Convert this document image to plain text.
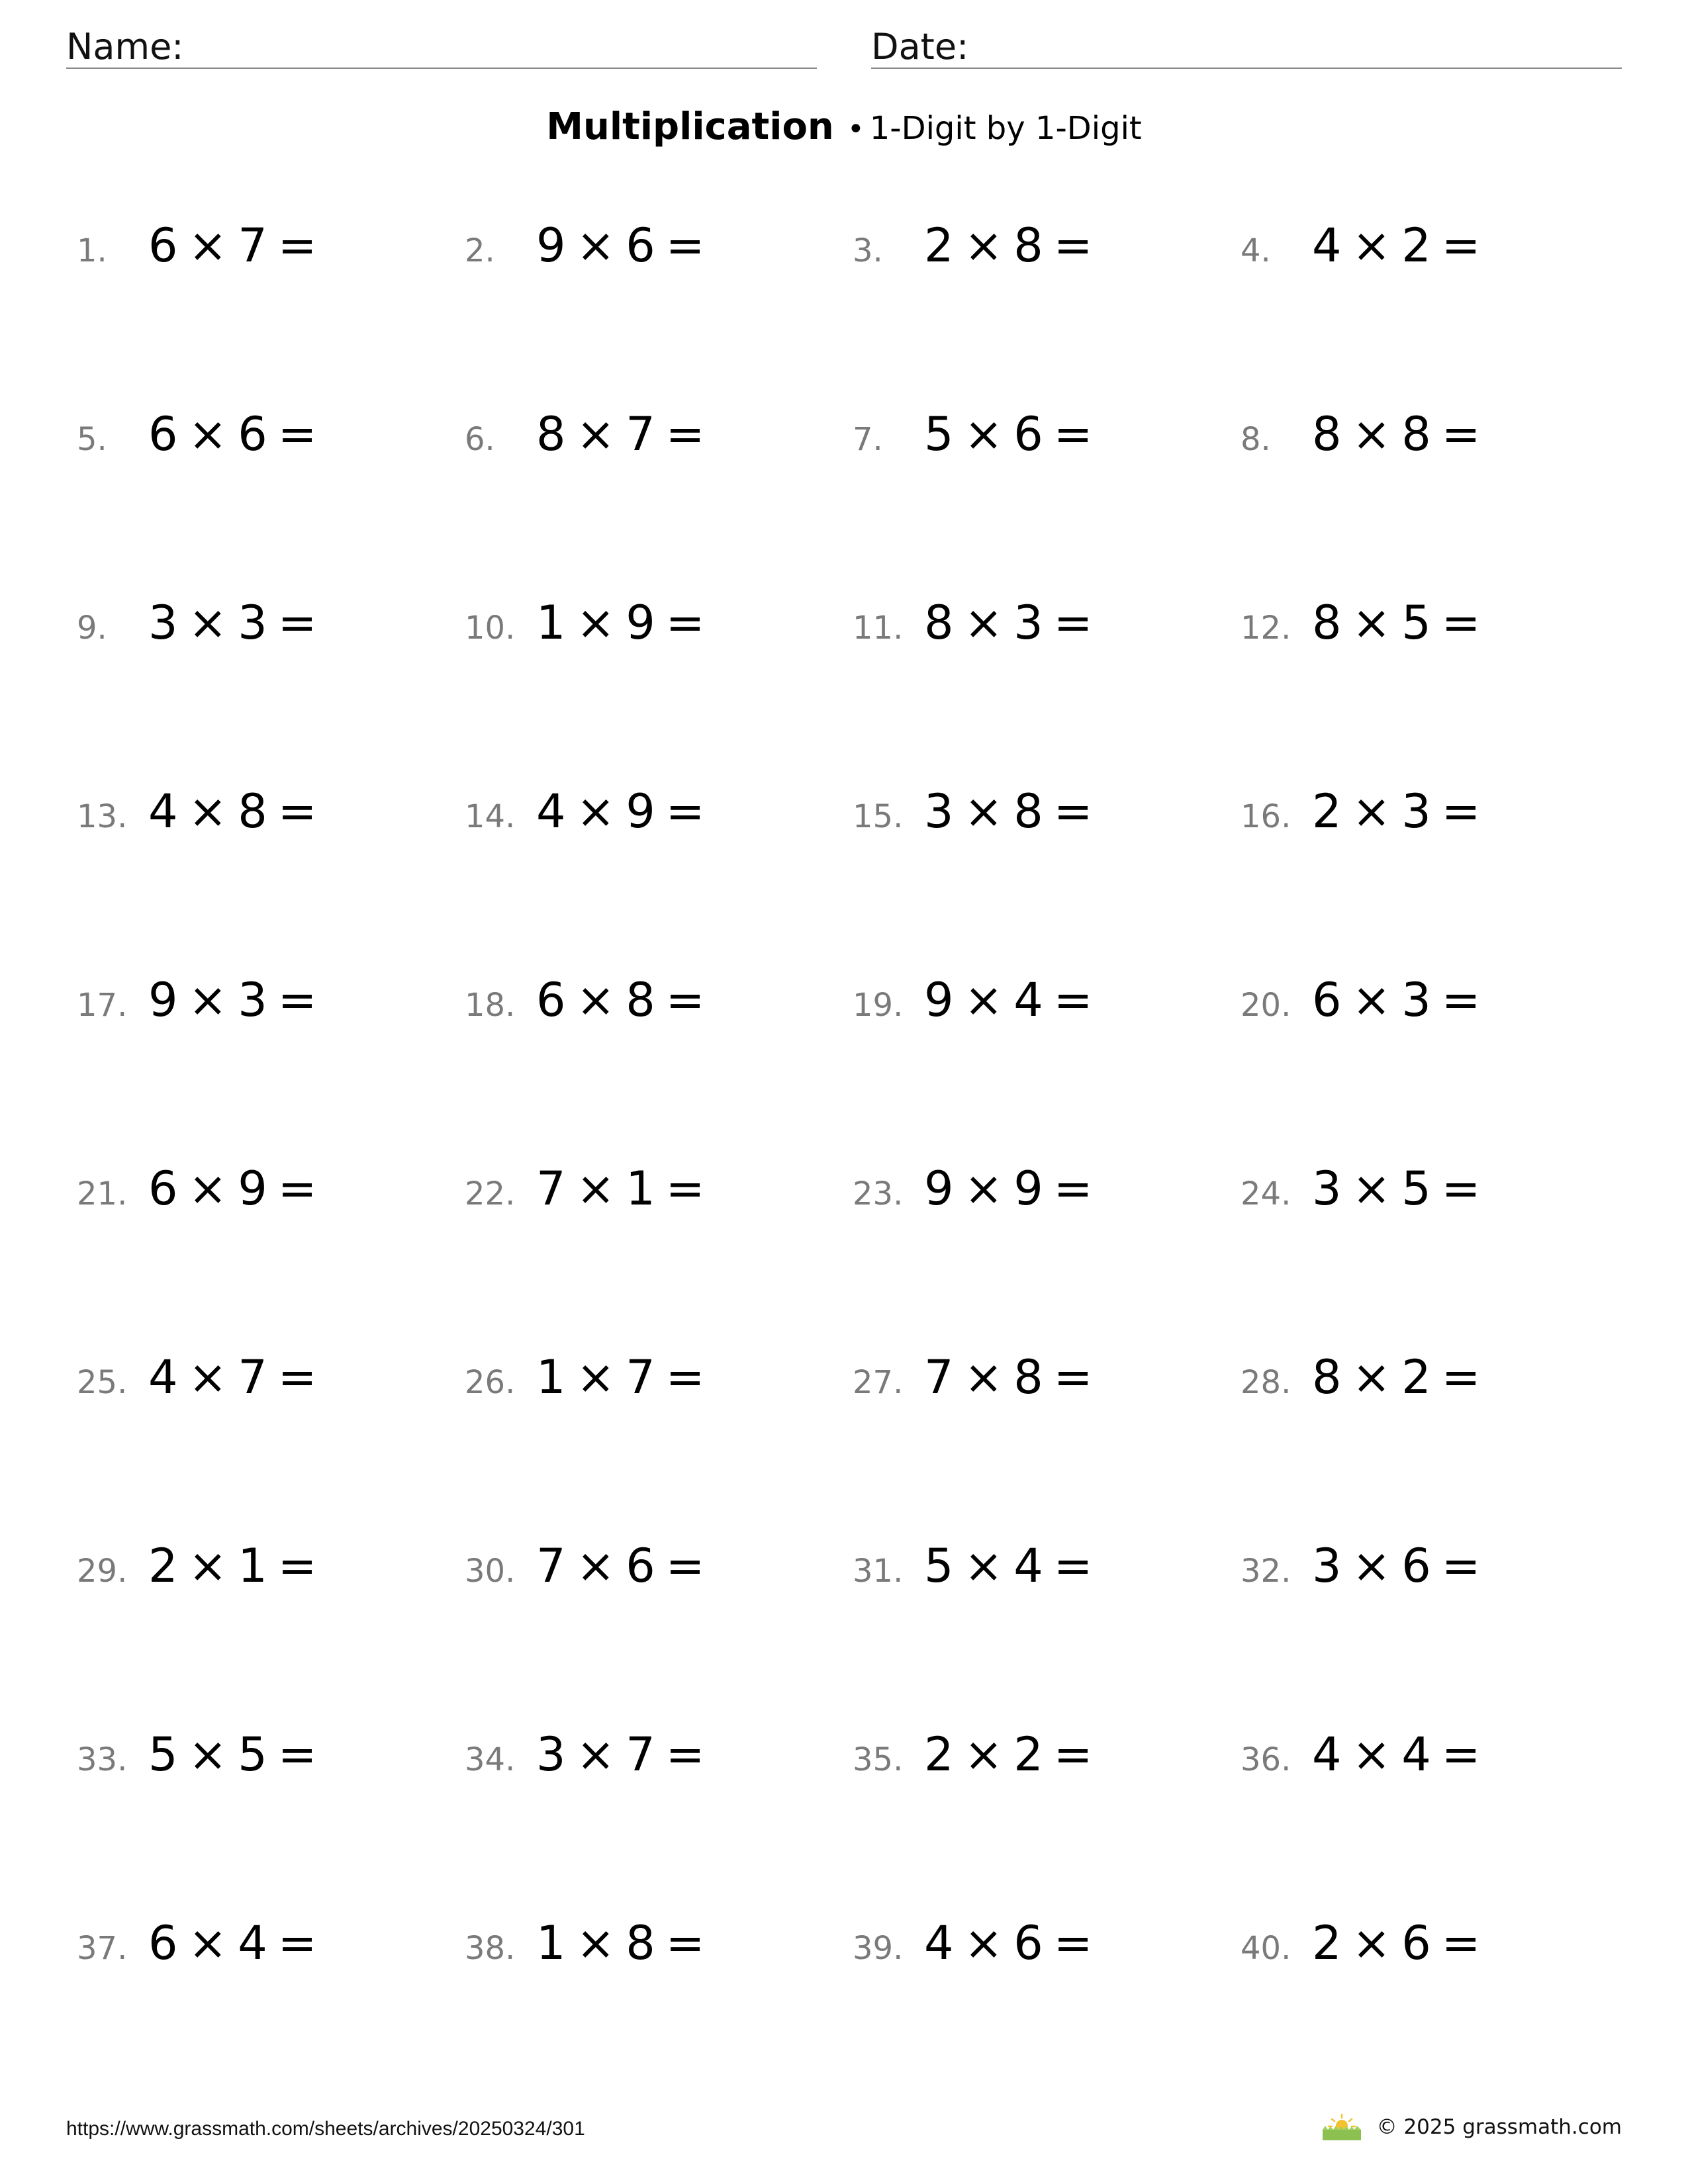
Name:	Date:
Multiplication • 1-Digit by 1-Digit
1. 6 × 7 =	2. 9 × 6 =	3. 2 × 8 =	4. 4 × 2 =
5. 6 × 6 =	6. 8 × 7 =	7. 5 × 6 =	8. 8 × 8 =
9. 3 × 3 =	10. 1 × 9 =	11. 8 × 3 =	12. 8 × 5 =
13. 4 × 8 =	14. 4 × 9 =	15. 3 × 8 =	16. 2 × 3 =
17. 9 × 3 =	18. 6 × 8 =	19. 9 × 4 =	20. 6 × 3 =
21. 6 × 9 =	22. 7 × 1 =	23. 9 × 9 =	24. 3 × 5 =
25. 4 × 7 =	26. 1 × 7 =	27. 7 × 8 =	28. 8 × 2 =
29. 2 × 1 =	30. 7 × 6 =	31. 5 × 4 =	32. 3 × 6 =
33. 5 × 5 =	34. 3 × 7 =	35. 2 × 2 =	36. 4 × 4 =
37. 6 × 4 =	38. 1 × 8 =	39. 4 × 6 =	40. 2 × 6 =
https://www.grassmath.com/sheets/archives/20250324/301	© 2025 grassmath.com
